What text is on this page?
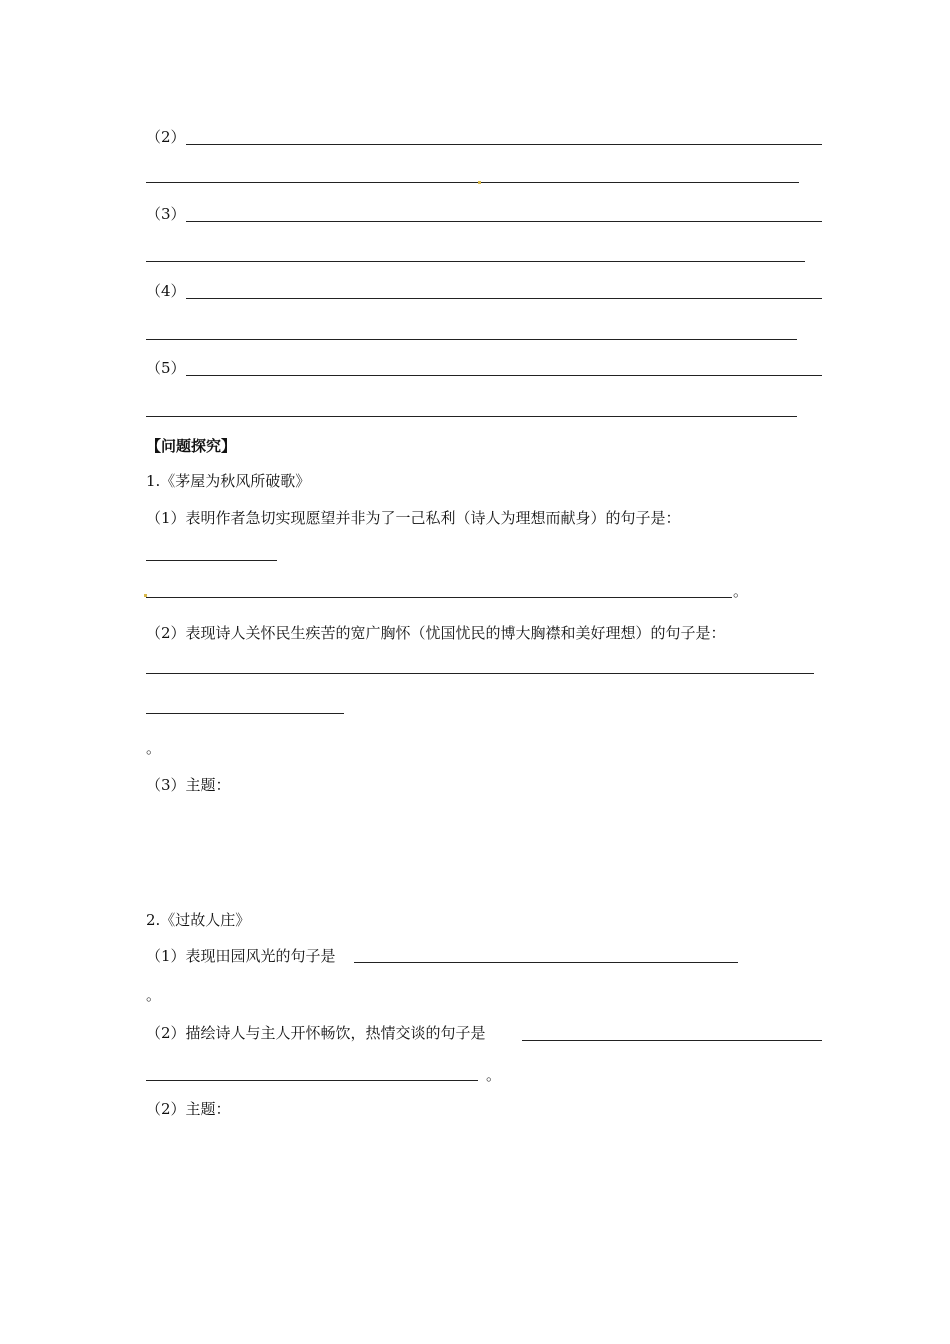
（2）
（3）
（4）
（5）
【问题探究】
1.《茅屋为秋风所破歌》
（1）表明作者急切实现愿望并非为了一己私利（诗人为理想而献身）的句子是：
。
（2）表现诗人关怀民生疾苦的宽广胸怀（忧国忧民的博大胸襟和美好理想）的句子是：
。
（3）主题：
2.《过故人庄》
（1）表现田园风光的句子是
。
（2）描绘诗人与主人开怀畅饮，热情交谈的句子是
。
（2）主题：
